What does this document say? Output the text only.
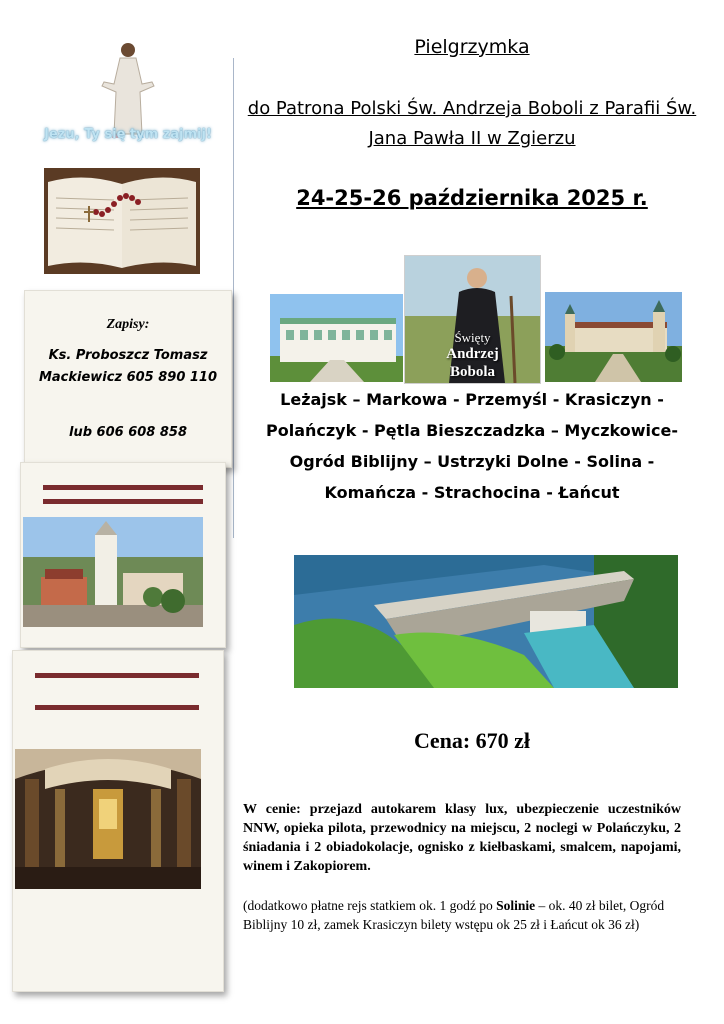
Jezu, Ty się tym zajmij!
Zapisy:
Ks. Proboszcz Tomasz Mackiewicz 605 890 110
lub 606 608 858
Pielgrzymka
do Patrona Polski Św. Andrzeja Boboli z Parafii Św. Jana Pawła II w Zgierzu
24-25-26 października 2025 r.
Święty
Andrzej
Bobola
Leżajsk – Markowa - Przemyśl - Krasiczyn -
Polańczyk - Pętla Bieszczadzka – Myczkowice-
Ogród Biblijny – Ustrzyki Dolne - Solina -
Komańcza - Strachocina - Łańcut
Cena: 670 zł
W cenie: przejazd autokarem klasy lux, ubezpieczenie uczestników NNW, opieka pilota, przewodnicy na miejscu, 2 noclegi w Polańczyku, 2 śniadania i 2 obiadokolacje, ognisko z kiełbaskami, smalcem, napojami, winem i Zakopiorem.
(dodatkowo płatne rejs statkiem ok. 1 godź po Solinie – ok. 40 zł bilet, Ogród Biblijny 10 zł, zamek Krasiczyn bilety wstępu ok 25 zł i Łańcut ok 36 zł)
